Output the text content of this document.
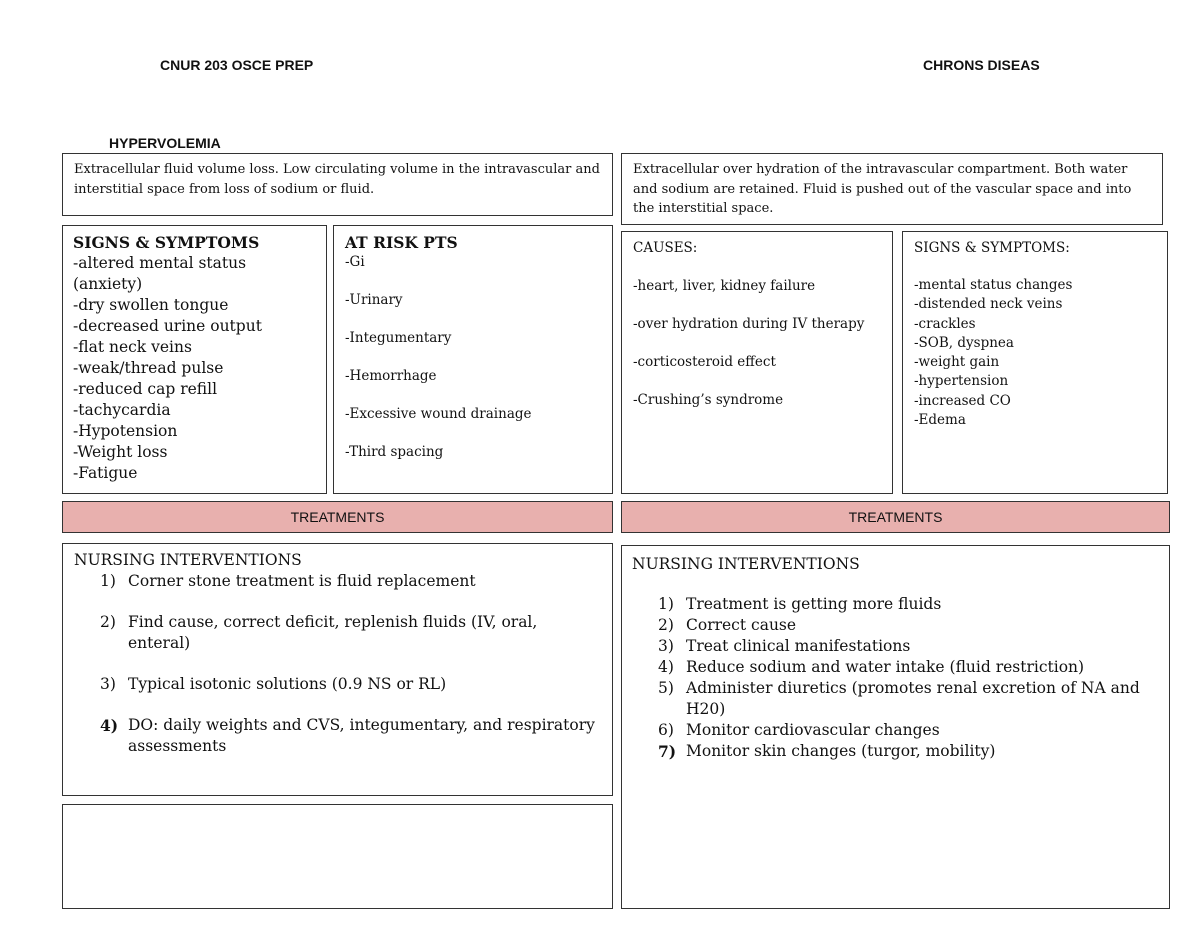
CNUR 203 OSCE PREP	CHRONS DISEAS
HYPERVOLEMIA
Extracellular fluid volume loss. Low circulating volume in the intravascular and interstitial space from loss of sodium or fluid.
SIGNS & SYMPTOMS
-altered mental status (anxiety)
-dry swollen tongue
-decreased urine output
-flat neck veins
-weak/thread pulse
-reduced cap refill
-tachycardia
-Hypotension
-Weight loss
-Fatigue
AT RISK PTS
-Gi
-Urinary
-Integumentary
-Hemorrhage
-Excessive wound drainage
-Third spacing
TREATMENTS
NURSING INTERVENTIONS
1) Corner stone treatment is fluid replacement
2) Find cause, correct deficit, replenish fluids (IV, oral, enteral)
3) Typical isotonic solutions (0.9 NS or RL)
4) DO: daily weights and CVS, integumentary, and respiratory assessments
Extracellular over hydration of the intravascular compartment. Both water and sodium are retained. Fluid is pushed out of the vascular space and into the interstitial space.
CAUSES:
-heart, liver, kidney failure
-over hydration during IV therapy
-corticosteroid effect
-Crushing’s syndrome
SIGNS & SYMPTOMS:
-mental status changes
-distended neck veins
-crackles
-SOB, dyspnea
-weight gain
-hypertension
-increased CO
-Edema
TREATMENTS
NURSING INTERVENTIONS
1) Treatment is getting more fluids
2) Correct cause
3) Treat clinical manifestations
4) Reduce sodium and water intake (fluid restriction)
5) Administer diuretics (promotes renal excretion of NA and H20)
6) Monitor cardiovascular changes
7) Monitor skin changes (turgor, mobility)
